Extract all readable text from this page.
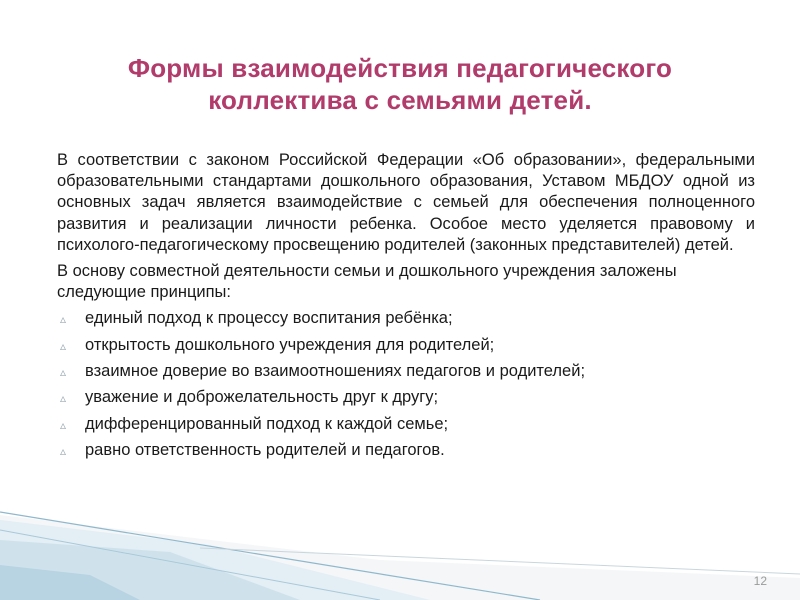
Формы взаимодействия педагогического
коллектива с семьями детей.

В соответствии с законом Российской Федерации «Об образовании», федеральными образовательными стандартами дошкольного образования, Уставом МБДОУ одной из основных задач является взаимодействие с семьей для обеспечения полноценного развития и реализации личности ребенка. Особое место уделяется правовому и психолого-педагогическому просвещению родителей (законных представителей) детей.

В основу совместной деятельности семьи и дошкольного учреждения заложены следующие принципы:

▵ единый подход к процессу воспитания ребёнка;
▵ открытость дошкольного учреждения для родителей;
▵ взаимное доверие во взаимоотношениях педагогов и родителей;
▵ уважение и доброжелательность друг к другу;
▵ дифференцированный подход к каждой семье;
▵ равно ответственность родителей и педагогов.
12
